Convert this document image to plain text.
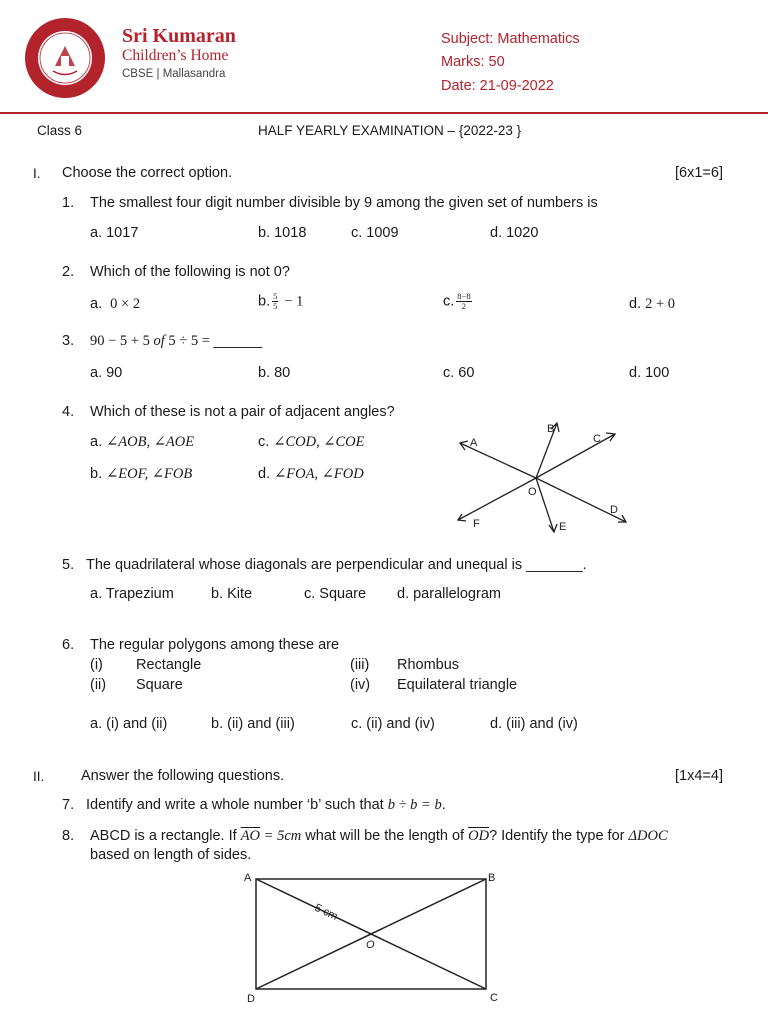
Sri Kumaran
Children’s Home
CBSE | Mallasandra
Subject: Mathematics
Marks: 50
Date: 21-09-2022
Class 6	HALF YEARLY EXAMINATION – {2022-23 }
I. Choose the correct option.	[6x1=6]
1. The smallest four digit number divisible by 9 among the given set of numbers is
a. 1017	b. 1018	c. 1009	d. 1020
2. Which of the following is not 0?
a. 0 × 2	b. $\frac{5}{5} - 1$	c. $\frac{8-8}{2}$	d. 2 + 0
3. 90 − 5 + 5 of 5 ÷ 5 = ______
a. 90	b. 80	c. 60	d. 100
4. Which of these is not a pair of adjacent angles?
a. ∠AOB, ∠AOE	c. ∠COD, ∠COE
b. ∠EOF, ∠FOB	d. ∠FOA, ∠FOD
A
B
C
D
E
F
O
5. The quadrilateral whose diagonals are perpendicular and unequal is _______.
a. Trapezium	b. Kite	c. Square d. parallelogram
6. The regular polygons among these are
(i) Rectangle	(iii) Rhombus
(ii) Square	(iv) Equilateral triangle
a. (i) and (ii)	b. (ii) and (iii)	c. (ii) and (iv)	d. (iii) and (iv)
II.	Answer the following questions.	[1x4=4]
7. Identify and write a whole number ‘b’ such that b ÷ b = b.
8. ABCD is a rectangle. If $\overline{AO} = 5cm$ what will be the length of $\overline{OD}$? Identify the type for ΔDOC
based on length of sides.
A	B
C
D
O
5 cm
